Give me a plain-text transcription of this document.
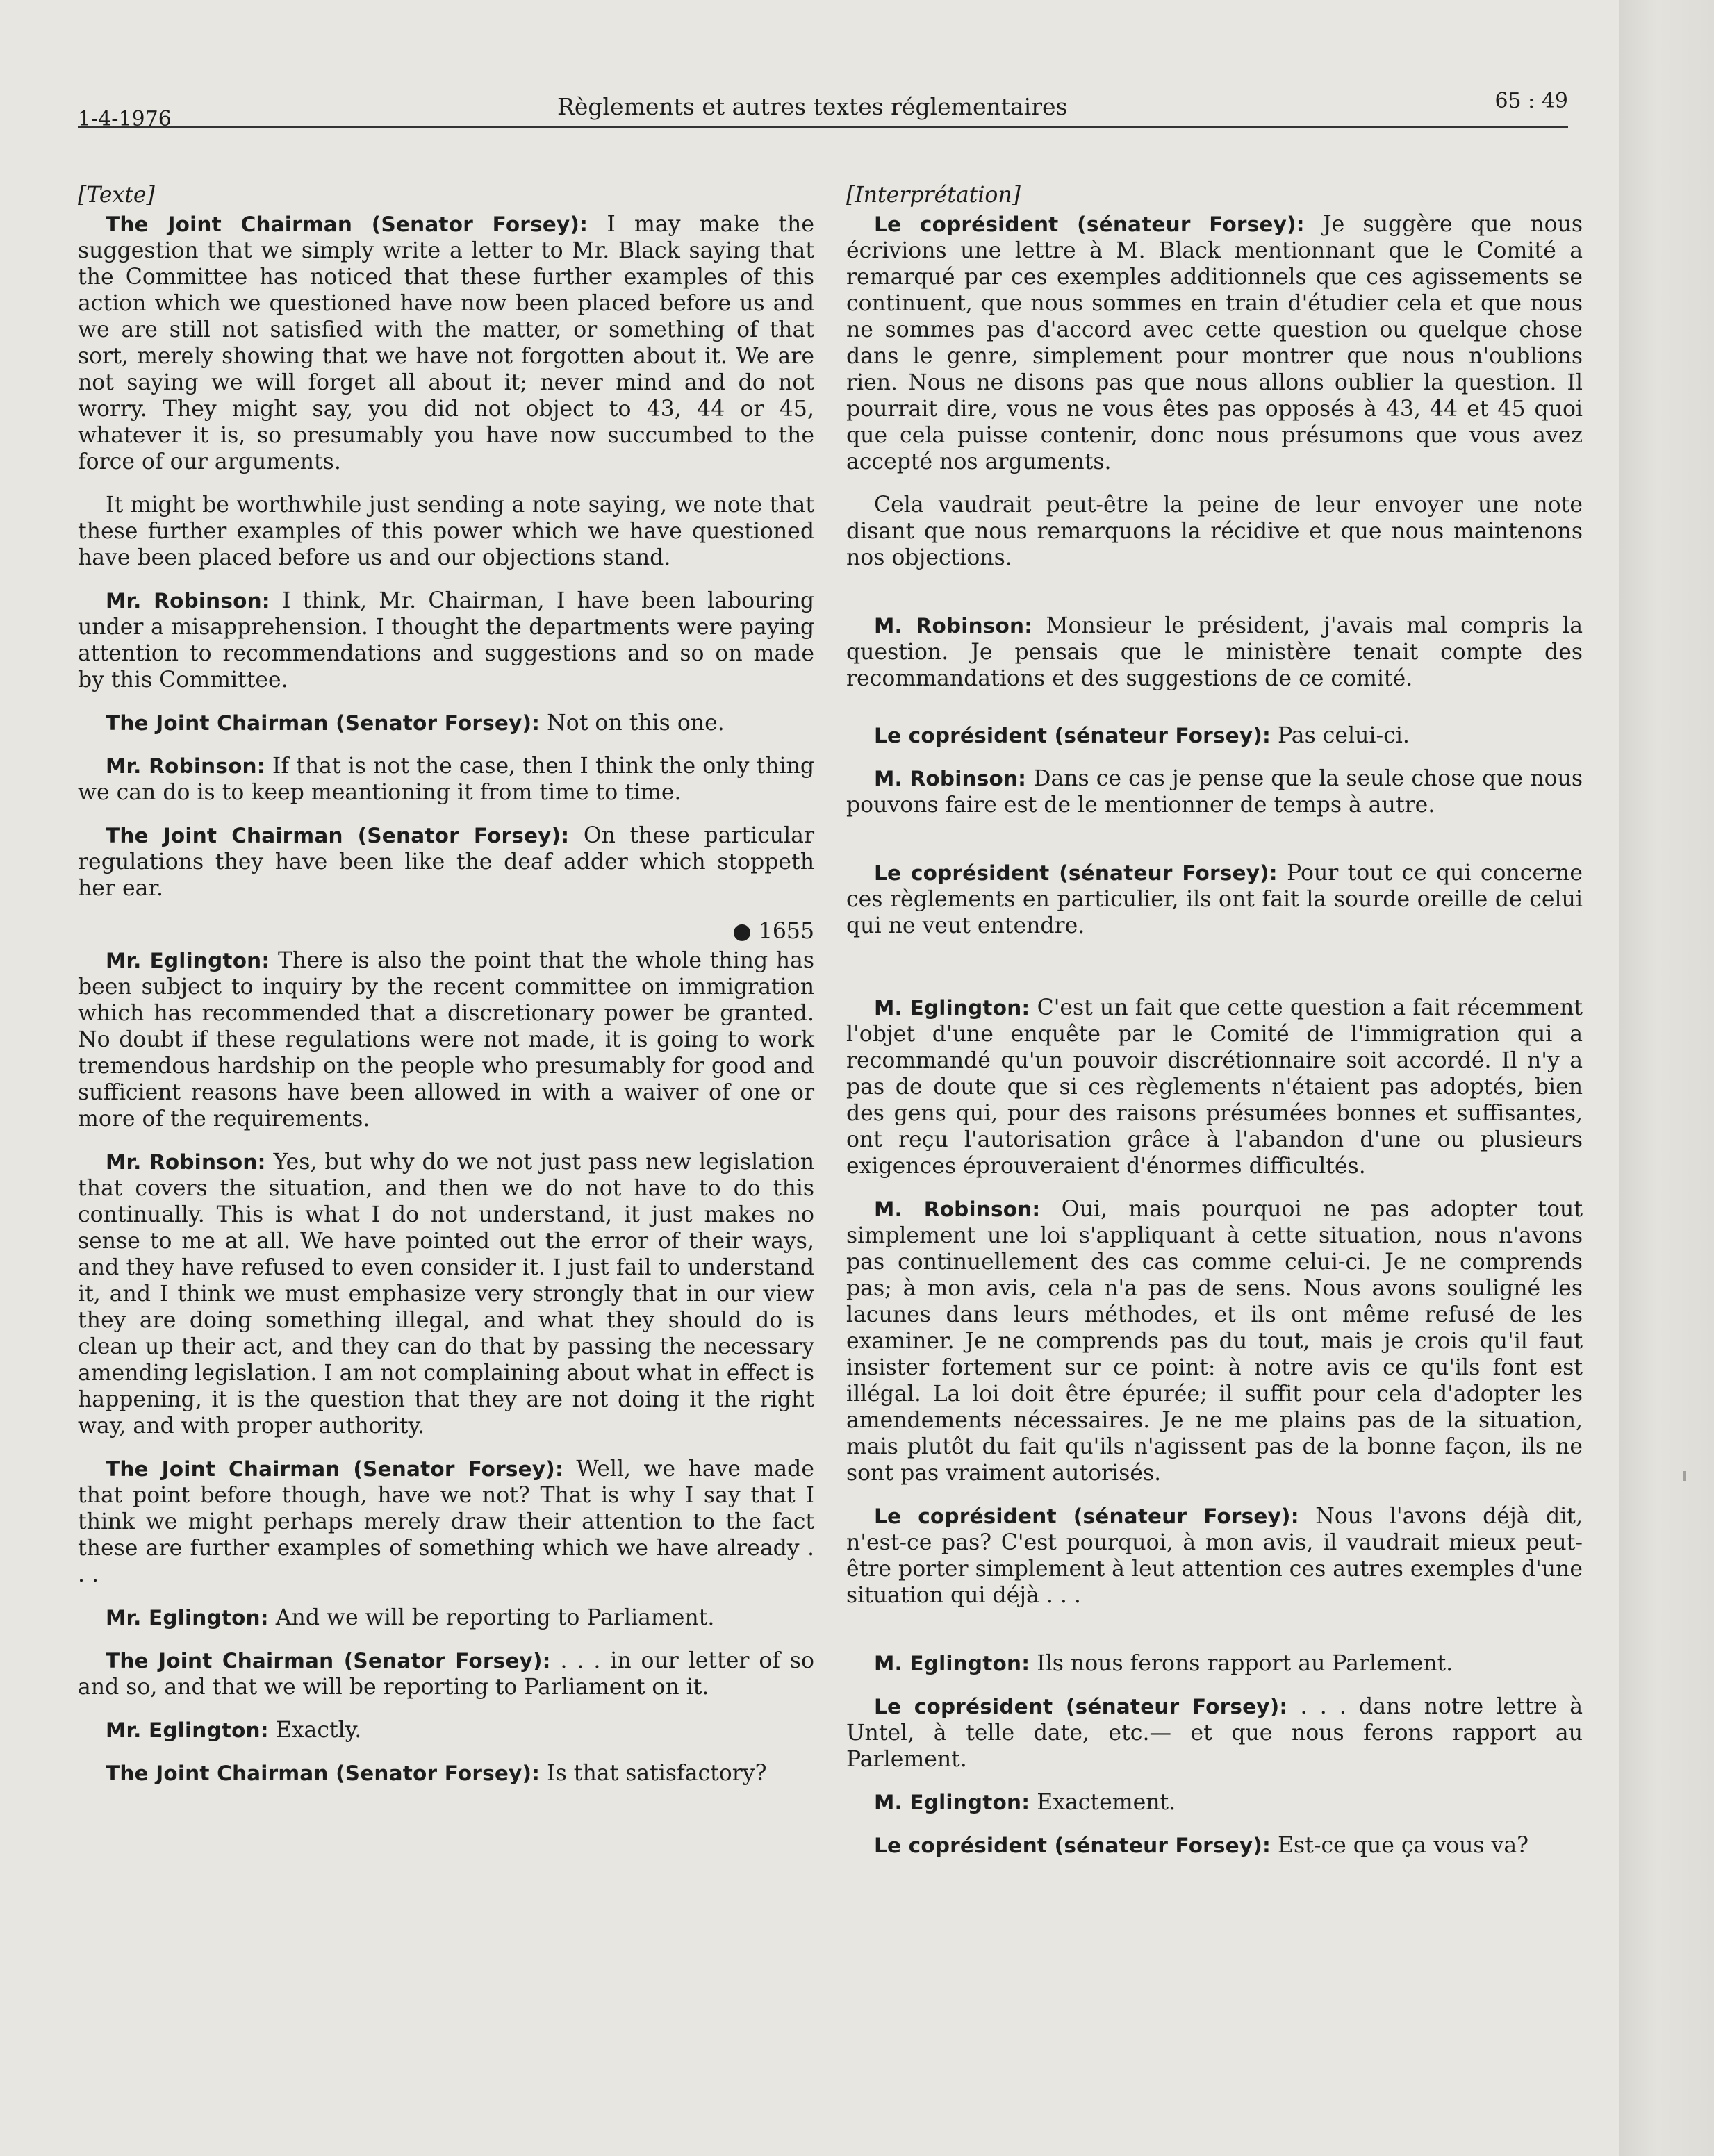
1-4-1976	Règlements et autres textes réglementaires	65 : 49
[Texte]

The Joint Chairman (Senator Forsey): I may make the suggestion that we simply write a letter to Mr. Black saying that the Committee has noticed that these further examples of this action which we questioned have now been placed before us and we are still not satisfied with the matter, or something of that sort, merely showing that we have not forgotten about it. We are not saying we will forget all about it; never mind and do not worry. They might say, you did not object to 43, 44 or 45, whatever it is, so presumably you have now succumbed to the force of our arguments.

It might be worthwhile just sending a note saying, we note that these further examples of this power which we have questioned have been placed before us and our objections stand.

Mr. Robinson: I think, Mr. Chairman, I have been labouring under a misapprehension. I thought the departments were paying attention to recommendations and suggestions and so on made by this Committee.

The Joint Chairman (Senator Forsey): Not on this one.

Mr. Robinson: If that is not the case, then I think the only thing we can do is to keep meantioning it from time to time.

The Joint Chairman (Senator Forsey): On these particular regulations they have been like the deaf adder which stoppeth her ear.

● 1655

Mr. Eglington: There is also the point that the whole thing has been subject to inquiry by the recent committee on immigration which has recommended that a discretionary power be granted. No doubt if these regulations were not made, it is going to work tremendous hardship on the people who presumably for good and sufficient reasons have been allowed in with a waiver of one or more of the requirements.

Mr. Robinson: Yes, but why do we not just pass new legislation that covers the situation, and then we do not have to do this continually. This is what I do not understand, it just makes no sense to me at all. We have pointed out the error of their ways, and they have refused to even consider it. I just fail to understand it, and I think we must emphasize very strongly that in our view they are doing something illegal, and what they should do is clean up their act, and they can do that by passing the necessary amending legislation. I am not complaining about what in effect is happening, it is the question that they are not doing it the right way, and with proper authority.

The Joint Chairman (Senator Forsey): Well, we have made that point before though, have we not? That is why I say that I think we might perhaps merely draw their attention to the fact these are further examples of something which we have already . . .

Mr. Eglington: And we will be reporting to Parliament.

The Joint Chairman (Senator Forsey): . . . in our letter of so and so, and that we will be reporting to Parliament on it.

Mr. Eglington: Exactly.

The Joint Chairman (Senator Forsey): Is that satisfactory?

[Interprétation]

Le coprésident (sénateur Forsey): Je suggère que nous écrivions une lettre à M. Black mentionnant que le Comité a remarqué par ces exemples additionnels que ces agissements se continuent, que nous sommes en train d'étudier cela et que nous ne sommes pas d'accord avec cette question ou quelque chose dans le genre, simplement pour montrer que nous n'oublions rien. Nous ne disons pas que nous allons oublier la question. Il pourrait dire, vous ne vous êtes pas opposés à 43, 44 et 45 quoi que cela puisse contenir, donc nous présumons que vous avez accepté nos arguments.

Cela vaudrait peut-être la peine de leur envoyer une note disant que nous remarquons la récidive et que nous maintenons nos objections.

M. Robinson: Monsieur le président, j'avais mal compris la question. Je pensais que le ministère tenait compte des recommandations et des suggestions de ce comité.

Le coprésident (sénateur Forsey): Pas celui-ci.

M. Robinson: Dans ce cas je pense que la seule chose que nous pouvons faire est de le mentionner de temps à autre.

Le coprésident (sénateur Forsey): Pour tout ce qui concerne ces règlements en particulier, ils ont fait la sourde oreille de celui qui ne veut entendre.

M. Eglington: C'est un fait que cette question a fait récemment l'objet d'une enquête par le Comité de l'immigration qui a recommandé qu'un pouvoir discrétionnaire soit accordé. Il n'y a pas de doute que si ces règlements n'étaient pas adoptés, bien des gens qui, pour des raisons présumées bonnes et suffisantes, ont reçu l'autorisation grâce à l'abandon d'une ou plusieurs exigences éprouveraient d'énormes difficultés.

M. Robinson: Oui, mais pourquoi ne pas adopter tout simplement une loi s'appliquant à cette situation, nous n'avons pas continuellement des cas comme celui-ci. Je ne comprends pas; à mon avis, cela n'a pas de sens. Nous avons souligné les lacunes dans leurs méthodes, et ils ont même refusé de les examiner. Je ne comprends pas du tout, mais je crois qu'il faut insister fortement sur ce point: à notre avis ce qu'ils font est illégal. La loi doit être épurée; il suffit pour cela d'adopter les amendements nécessaires. Je ne me plains pas de la situation, mais plutôt du fait qu'ils n'agissent pas de la bonne façon, ils ne sont pas vraiment autorisés.

Le coprésident (sénateur Forsey): Nous l'avons déjà dit, n'est-ce pas? C'est pourquoi, à mon avis, il vaudrait mieux peut-être porter simplement à leut attention ces autres exemples d'une situation qui déjà . . .

M. Eglington: Ils nous ferons rapport au Parlement.

Le coprésident (sénateur Forsey): . . . dans notre lettre à Untel, à telle date, etc.— et que nous ferons rapport au Parlement.

M. Eglington: Exactement.

Le coprésident (sénateur Forsey): Est-ce que ça vous va?
